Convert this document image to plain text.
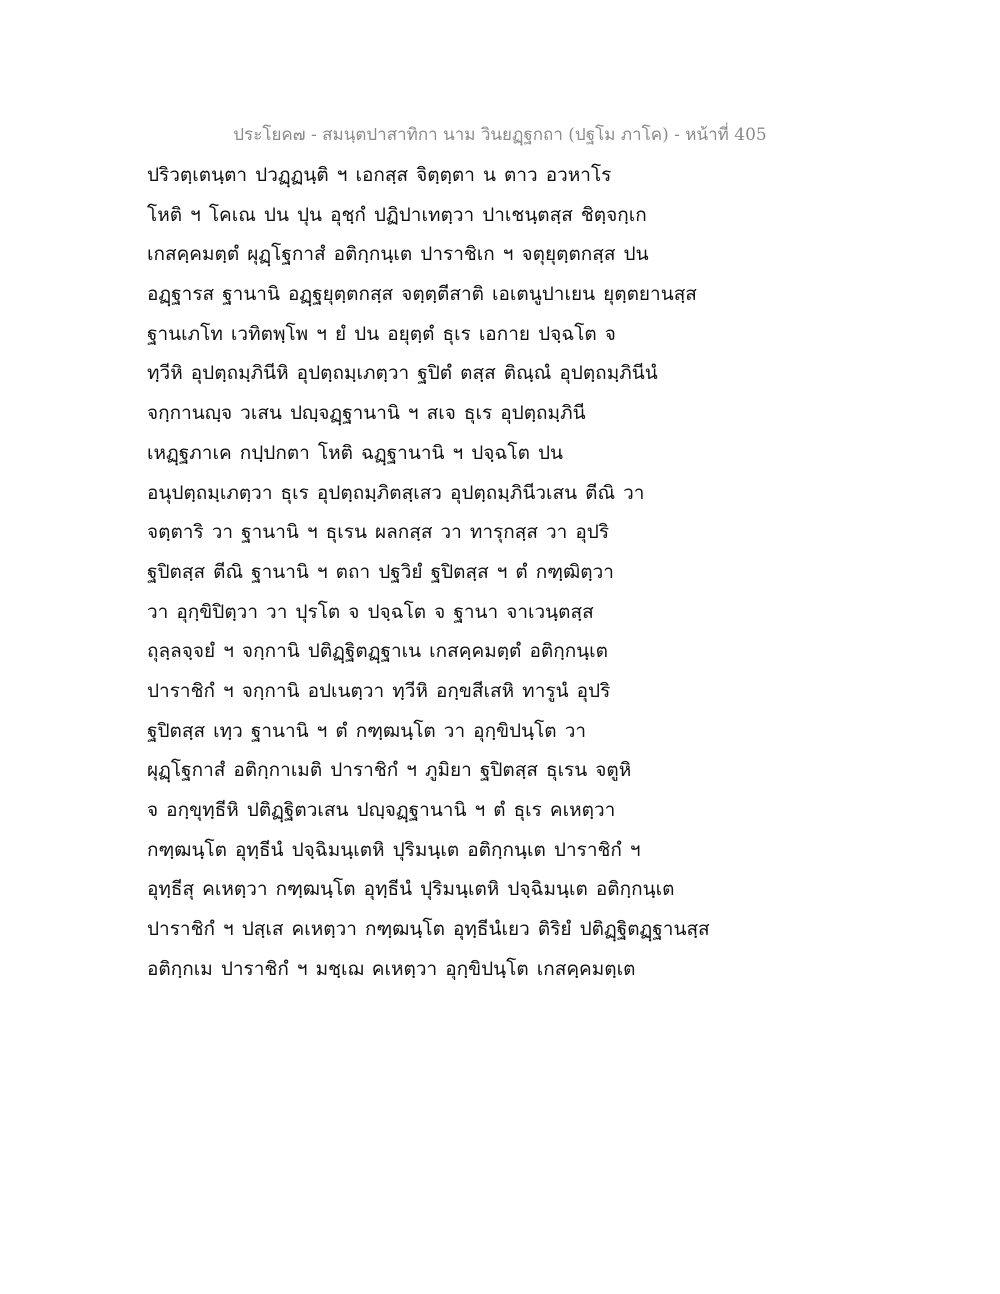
ประโยค๗ - สมนฺตปาสาทิกา นาม วินยฏฺฐกถา (ปฐโม ภาโค) - หน้าที่ 405
ปริวตฺเตนฺตา ปวฏฺฏนฺติ ฯ เอกสฺส จิตฺตฺตา น ตาว อวหาโร
โหติ ฯ โคเณ ปน ปุน อุชฺกํ ปฏิปาเทตฺวา ปาเชนฺตสฺส ชิตฺจกฺเก
เกสคฺคมตฺตํ ผุฏฺโฐกาสํ อติกฺกนฺเต ปาราชิเก ฯ จตุยุตฺตกสฺส ปน
อฏฺฐารส ฐานานิ อฏฺฐยุตฺตกสฺส จตฺตฺตีสาติ เอเตนูปาเยน ยุตฺตยานสฺส
ฐานเภโท เวทิตพฺโพ ฯ ยํ ปน อยุตฺตํ ธุเร เอกาย ปจฺฉโต จ
ทฺวีหิ อุปตฺถมฺภินีหิ อุปตฺถมฺเภตฺวา ฐปิตํ ตสฺส ติณฺณํ อุปตฺถมฺภินีนํ
จกฺกานญฺจ วเสน ปญฺจฏฺฐานานิ ฯ สเจ ธุเร อุปตฺถมฺภินี
เหฏฺฐภาเค กปฺปกตา โหติ ฉฏฺฐานานิ ฯ ปจฺฉโต ปน
อนุปตฺถมฺเภตฺวา ธุเร อุปตฺถมฺภิตสฺเสว อุปตฺถมฺภินีวเสน ตีณิ วา
จตฺตาริ วา ฐานานิ ฯ ธุเรน ผลกสฺส วา ทารุกสฺส วา อุปริ
ฐปิตสฺส ตีณิ ฐานานิ ฯ ตถา ปฐวิยํ ฐปิตสฺส ฯ ตํ กฑฺฒิตฺวา
วา อุกฺขิปิตฺวา วา ปุรโต จ ปจฺฉโต จ ฐานา จาเวนฺตสฺส
ถุลฺลจฺจยํ ฯ จกฺกานิ ปติฏฺฐิตฏฺฐาเน เกสคฺคมตฺตํ อติกฺกนฺเต
ปาราชิกํ ฯ จกฺกานิ อปเนตฺวา ทฺวีหิ อกฺขสีเสหิ ทารูนํ อุปริ
ฐปิตสฺส เทฺว ฐานานิ ฯ ตํ กฑฺฒนฺโต วา อุกฺขิปนฺโต วา
ผุฏฺโฐกาสํ อติกฺกาเมติ ปาราชิกํ ฯ ภูมิยา ฐปิตสฺส ธุเรน จตูหิ
จ อกฺขุทฺธีหิ ปติฏฺฐิตวเสน ปญฺจฏฺฐานานิ ฯ ตํ ธุเร คเหตฺวา
กฑฺฒนฺโต อุทฺธีนํ ปจฺฉิมนฺเตหิ ปุริมนฺเต อติกฺกนฺเต ปาราชิกํ ฯ
อุทฺธีสุ คเหตฺวา กฑฺฒนฺโต อุทฺธีนํ ปุริมนฺเตหิ ปจฺฉิมนฺเต อติกฺกนฺเต
ปาราชิกํ ฯ ปสฺเส คเหตฺวา กฑฺฒนฺโต อุทฺธีนํเยว ติริยํ ปติฏฺฐิตฏฺฐานสฺส
อติกฺกเม ปาราชิกํ ฯ มชฺเฌ คเหตฺวา อุกฺขิปนฺโต เกสคฺคมตฺเต
